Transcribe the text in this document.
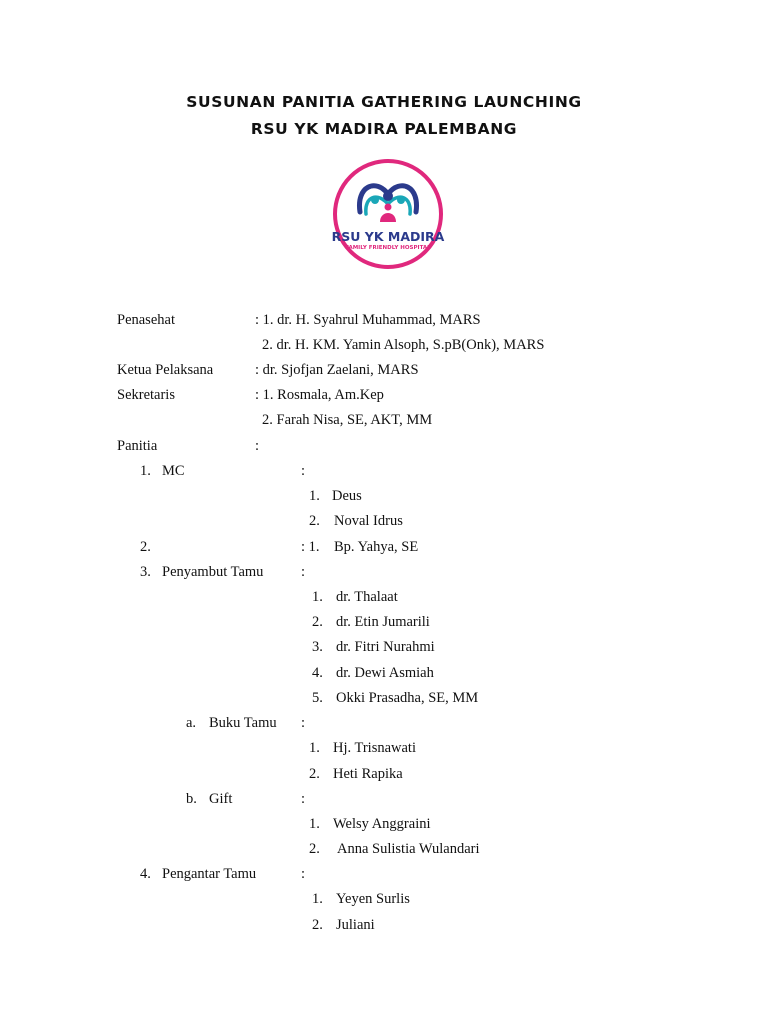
SUSUNAN PANITIA GATHERING LAUNCHING
RSU YK MADIRA PALEMBANG
RSU YK MADIRA
FAMILY FRIENDLY HOSPITAL
Penasehat	: 1. dr. H. Syahrul Muhammad, MARS
2. dr. H. KM. Yamin Alsoph, S.pB(Onk), MARS
Ketua Pelaksana	: dr. Sjofjan Zaelani, MARS
Sekretaris	: 1. Rosmala, Am.Kep
2. Farah Nisa, SE, AKT, MM
Panitia	:
1. MC	:
1. Deus
2. Noval Idrus
2.	: 1. Bp. Yahya, SE
3. Penyambut Tamu	:
1. dr. Thalaat
2. dr. Etin Jumarili
3. dr. Fitri Nurahmi
4. dr. Dewi Asmiah
5. Okki Prasadha, SE, MM
a. Buku Tamu :
1. Hj. Trisnawati
2. Heti Rapika
b. Gift	:
1. Welsy Anggraini
2. Anna Sulistia Wulandari
4. Pengantar Tamu	:
1. Yeyen Surlis
2. Juliani
